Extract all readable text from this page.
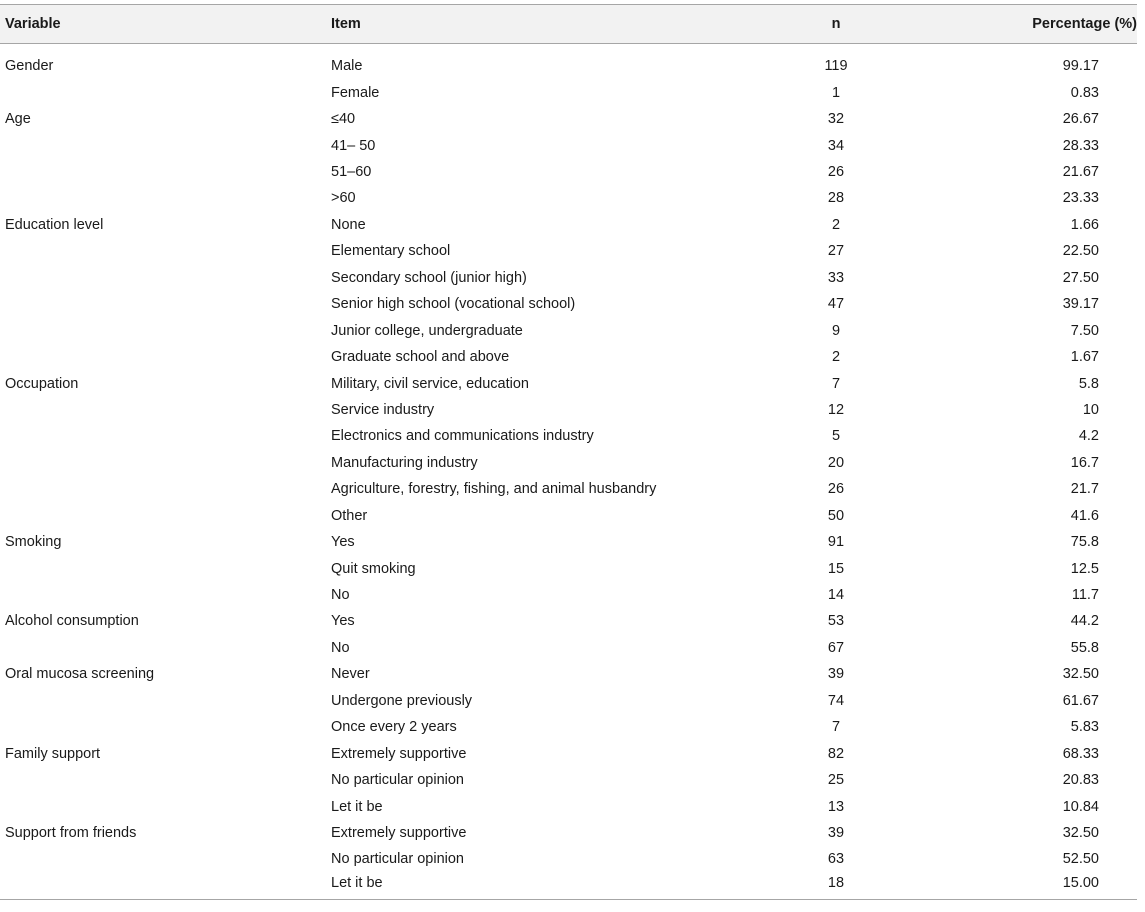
Variable	Item	n	Percentage (%)
Gender	Male	119	99.17
	Female	1	0.83
Age	≤40	32	26.67
	41– 50	34	28.33
	51–60	26	21.67
	>60	28	23.33
Education level	None	2	1.66
	Elementary school	27	22.50
	Secondary school (junior high)	33	27.50
	Senior high school (vocational school)	47	39.17
	Junior college, undergraduate	9	7.50
	Graduate school and above	2	1.67
Occupation	Military, civil service, education	7	5.8
	Service industry	12	10
	Electronics and communications industry	5	4.2
	Manufacturing industry	20	16.7
	Agriculture, forestry, fishing, and animal husbandry	26	21.7
	Other	50	41.6
Smoking	Yes	91	75.8
	Quit smoking	15	12.5
	No	14	11.7
Alcohol consumption	Yes	53	44.2
	No	67	55.8
Oral mucosa screening	Never	39	32.50
	Undergone previously	74	61.67
	Once every 2 years	7	5.83
Family support	Extremely supportive	82	68.33
	No particular opinion	25	20.83
	Let it be	13	10.84
Support from friends	Extremely supportive	39	32.50
	No particular opinion	63	52.50
	Let it be	18	15.00
